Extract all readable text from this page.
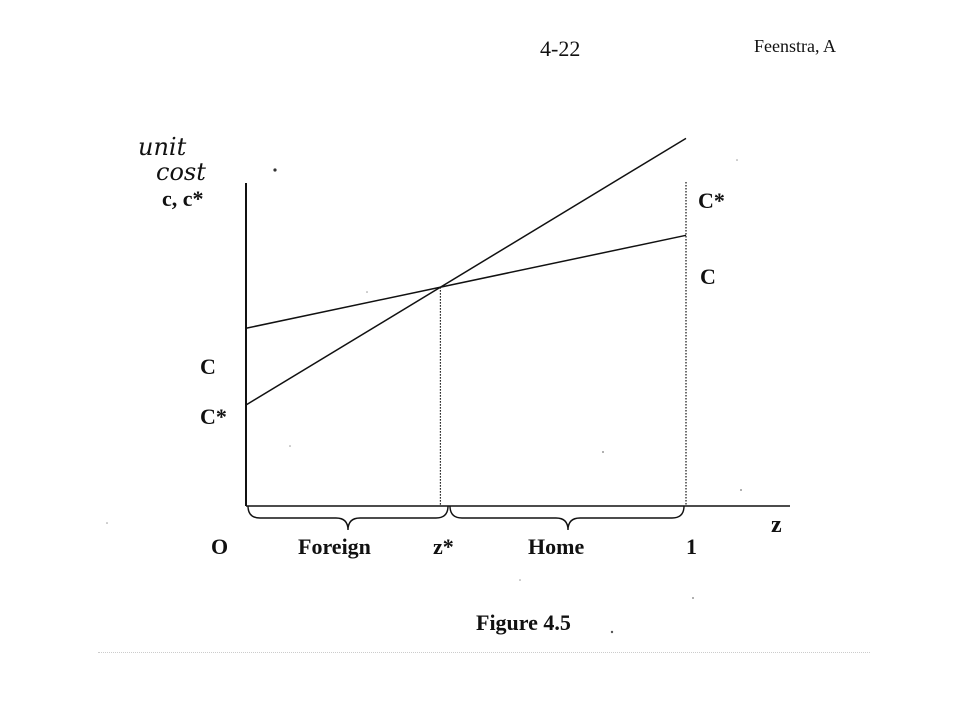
4-22	Feenstra, A
unit
cost
c, c*
C
C*
C*
C
O	Foreign	z*	Home	1
z
Figure 4.5
